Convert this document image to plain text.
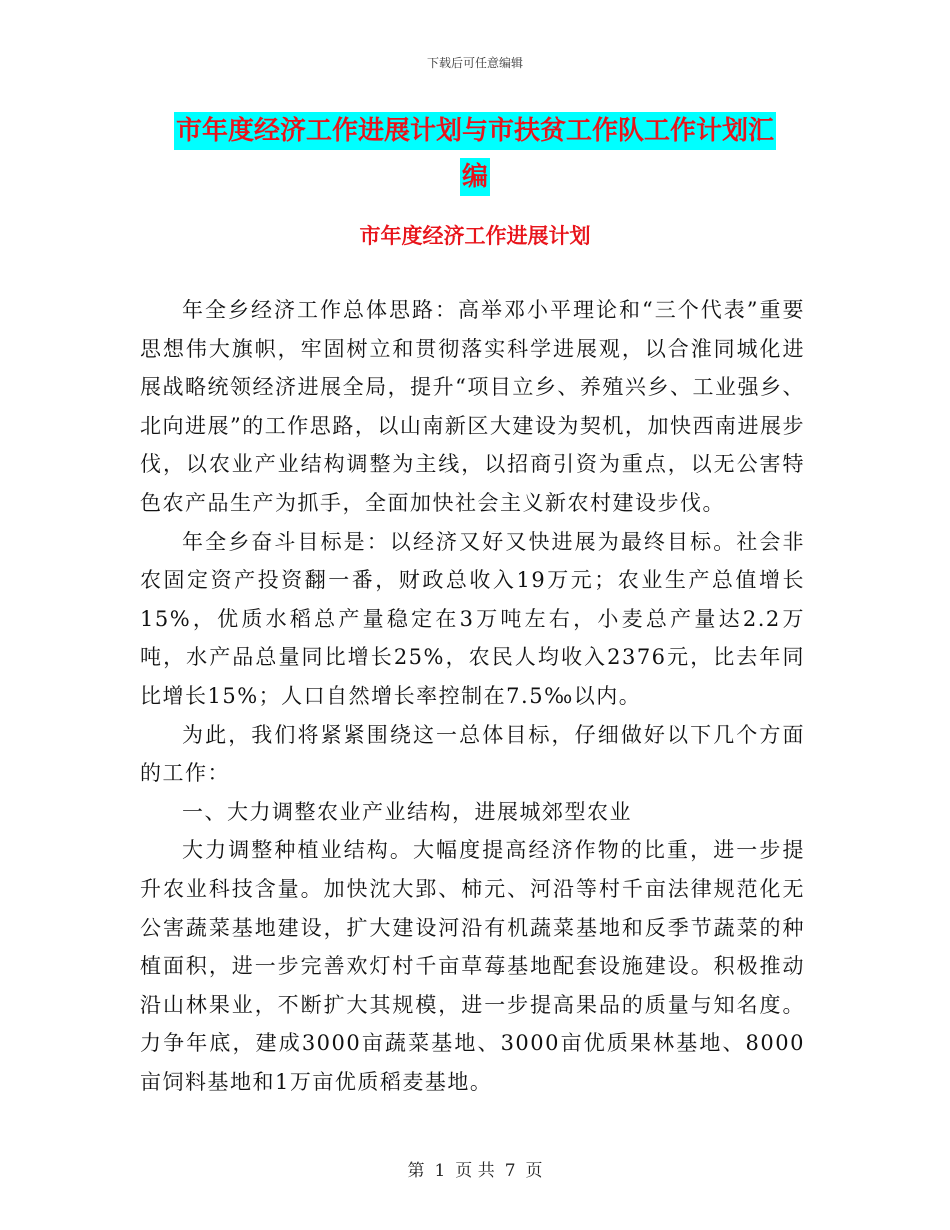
下载后可任意编辑
市年度经济工作进展计划与市扶贫工作队工作计划汇
编
市年度经济工作进展计划

年全乡经济工作总体思路：高举邓小平理论和“三个代表”重要思想伟大旗帜，牢固树立和贯彻落实科学进展观，以合淮同城化进展战略统领经济进展全局，提升“项目立乡、养殖兴乡、工业强乡、北向进展”的工作思路，以山南新区大建设为契机，加快西南进展步伐，以农业产业结构调整为主线，以招商引资为重点，以无公害特色农产品生产为抓手，全面加快社会主义新农村建设步伐。

年全乡奋斗目标是：以经济又好又快进展为最终目标。社会非农固定资产投资翻一番，财政总收入19万元；农业生产总值增长15%，优质水稻总产量稳定在3万吨左右，小麦总产量达2.2万吨，水产品总量同比增长25%，农民人均收入2376元，比去年同比增长15%；人口自然增长率控制在7.5‰以内。

为此，我们将紧紧围绕这一总体目标，仔细做好以下几个方面的工作：

一、大力调整农业产业结构，进展城郊型农业

大力调整种植业结构。大幅度提高经济作物的比重，进一步提升农业科技含量。加快沈大郢、柿元、河沿等村千亩法律规范化无公害蔬菜基地建设，扩大建设河沿有机蔬菜基地和反季节蔬菜的种植面积，进一步完善欢灯村千亩草莓基地配套设施建设。积极推动沿山林果业，不断扩大其规模，进一步提高果品的质量与知名度。力争年底，建成3000亩蔬菜基地、3000亩优质果林基地、8000亩饲料基地和1万亩优质稻麦基地。

第 1 页 共 7 页
